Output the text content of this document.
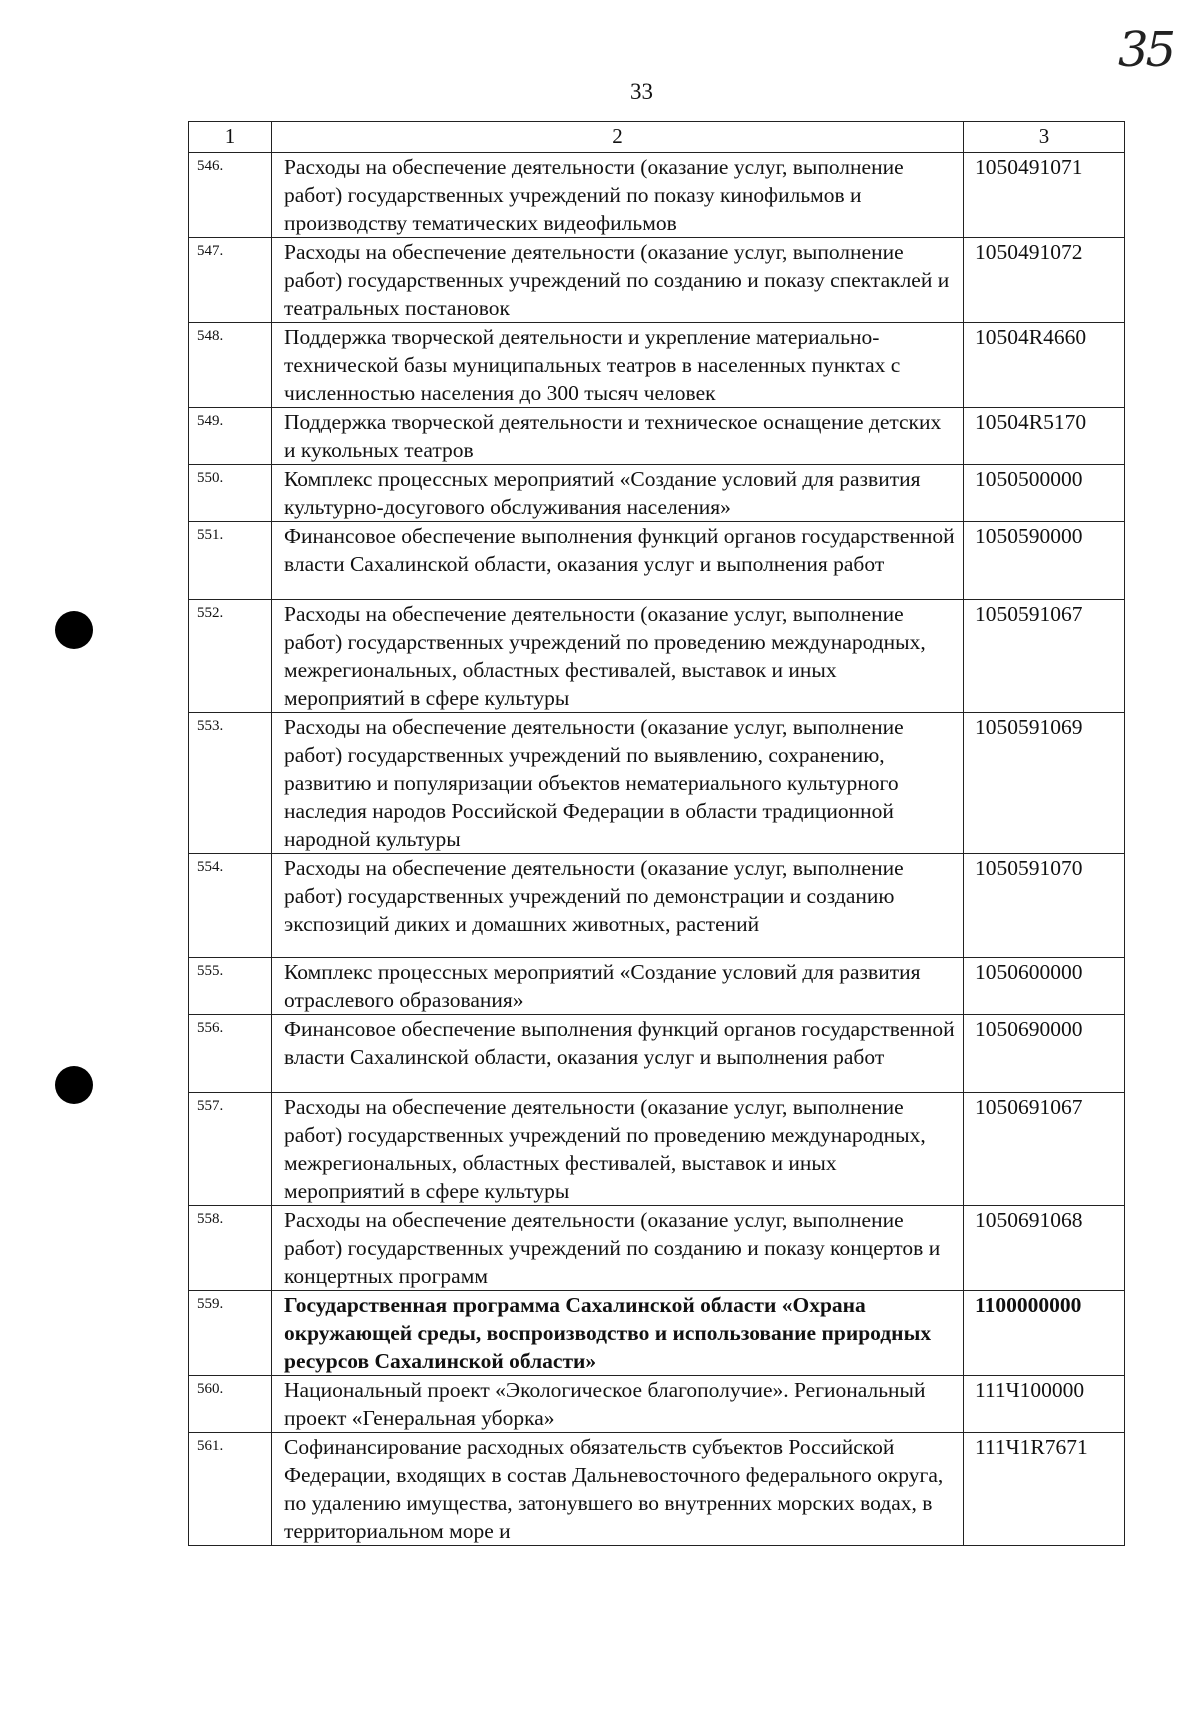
35
33
1	2	3
546.	Расходы на обеспечение деятельности (оказание услуг, выполнение работ) государственных учреждений по показу кинофильмов и производству тематических видеофильмов	1050491071
547.	Расходы на обеспечение деятельности (оказание услуг, выполнение работ) государственных учреждений по созданию и показу спектаклей и театральных постановок	1050491072
548.	Поддержка творческой деятельности и укрепление материально-технической базы муниципальных театров в населенных пунктах с численностью населения до 300 тысяч человек	10504R4660
549.	Поддержка творческой деятельности и техническое оснащение детских и кукольных театров	10504R5170
550.	Комплекс процессных мероприятий «Создание условий для развития культурно-досугового обслуживания населения»	1050500000
551.	Финансовое обеспечение выполнения функций органов государственной власти Сахалинской области, оказания услуг и выполнения работ	1050590000
552.	Расходы на обеспечение деятельности (оказание услуг, выполнение работ) государственных учреждений по проведению международных, межрегиональных, областных фестивалей, выставок и иных мероприятий в сфере культуры	1050591067
553.	Расходы на обеспечение деятельности (оказание услуг, выполнение работ) государственных учреждений по выявлению, сохранению, развитию и популяризации объектов нематериального культурного наследия народов Российской Федерации в области традиционной народной культуры	1050591069
554.	Расходы на обеспечение деятельности (оказание услуг, выполнение работ) государственных учреждений по демонстрации и созданию экспозиций диких и домашних животных, растений	1050591070
555.	Комплекс процессных мероприятий «Создание условий для развития отраслевого образования»	1050600000
556.	Финансовое обеспечение выполнения функций органов государственной власти Сахалинской области, оказания услуг и выполнения работ	1050690000
557.	Расходы на обеспечение деятельности (оказание услуг, выполнение работ) государственных учреждений по проведению международных, межрегиональных, областных фестивалей, выставок и иных мероприятий в сфере культуры	1050691067
558.	Расходы на обеспечение деятельности (оказание услуг, выполнение работ) государственных учреждений по созданию и показу концертов и концертных программ	1050691068
559.	Государственная программа Сахалинской области «Охрана окружающей среды, воспроизводство и использование природных ресурсов Сахалинской области»	1100000000
560.	Национальный проект «Экологическое благополучие». Региональный проект «Генеральная уборка»	111Ч100000
561.	Софинансирование расходных обязательств субъектов Российской Федерации, входящих в состав Дальневосточного федерального округа, по удалению имущества, затонувшего во внутренних морских водах, в территориальном море и	111Ч1R7671
